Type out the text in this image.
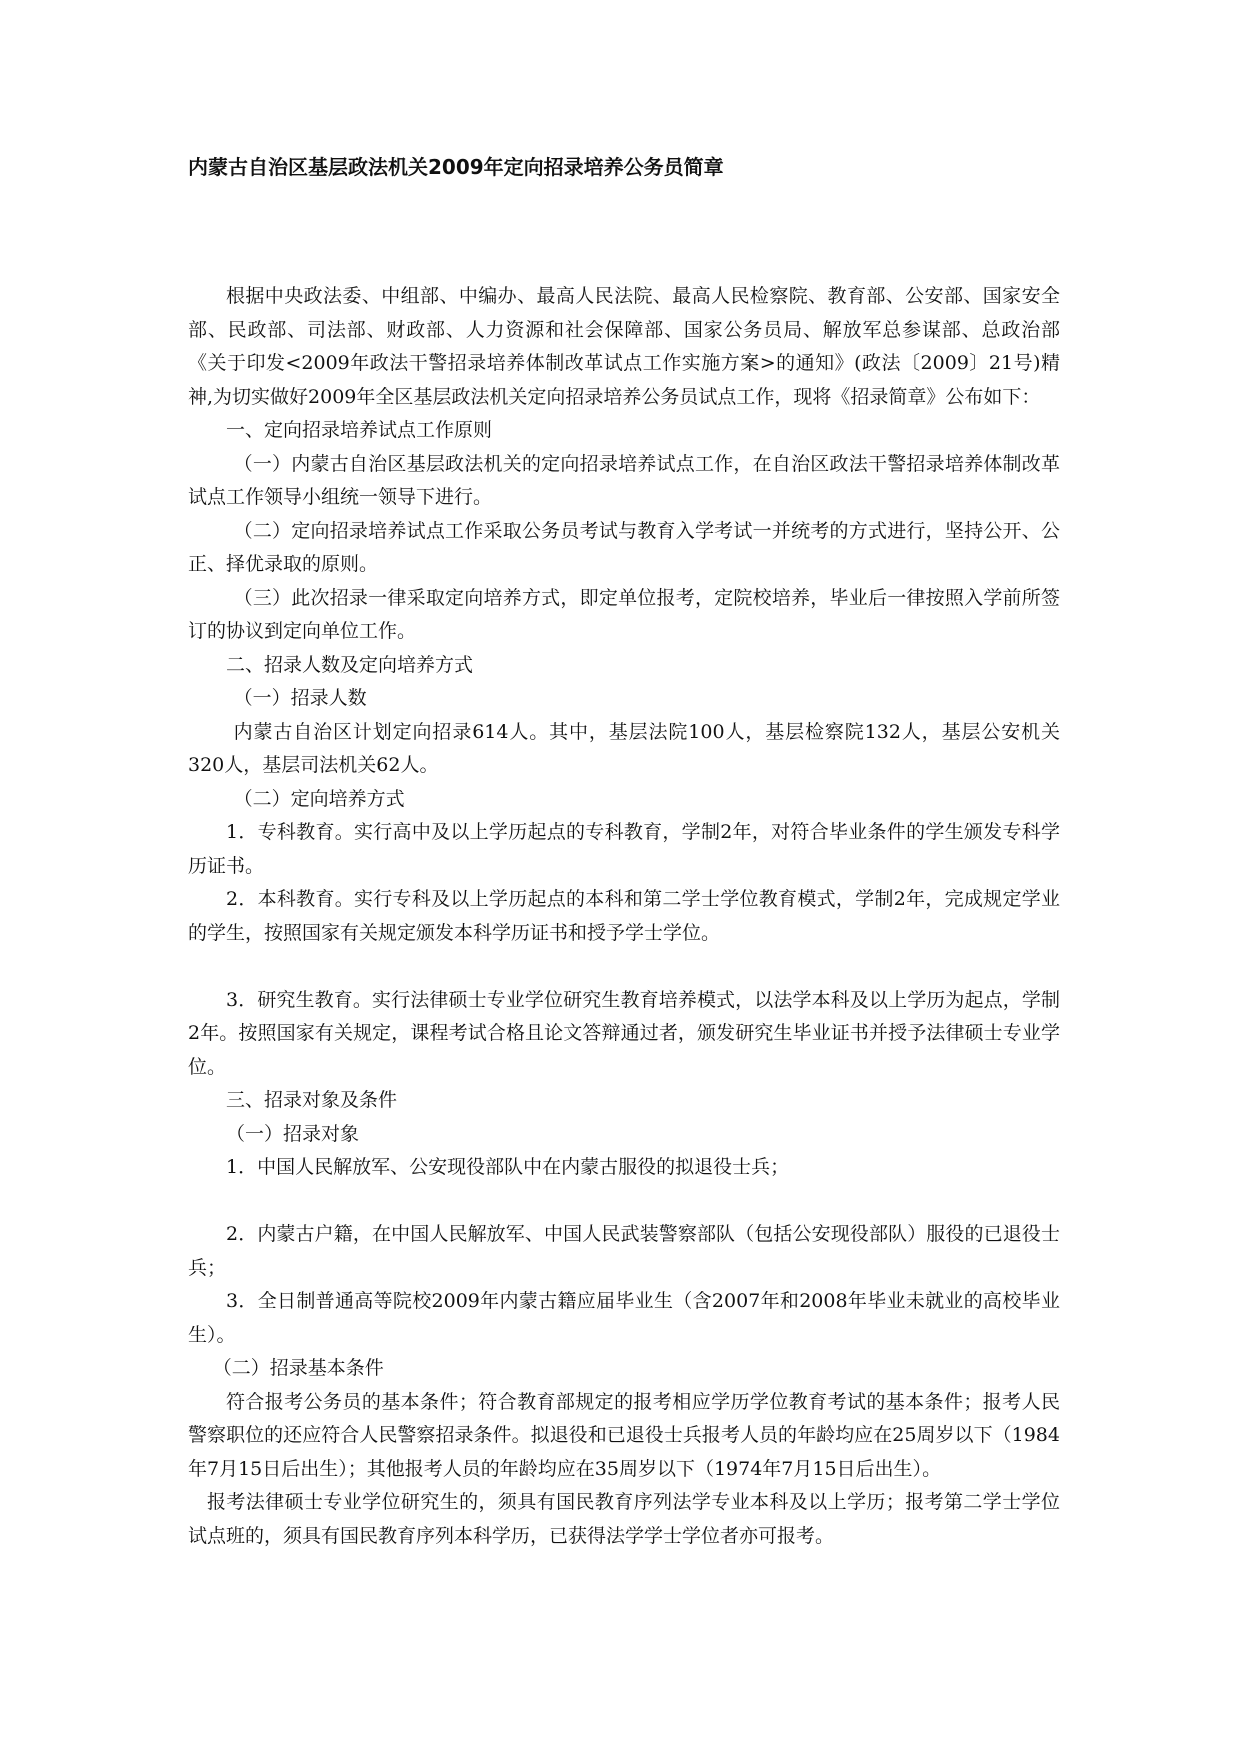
内蒙古自治区基层政法机关2009年定向招录培养公务员简章

根据中央政法委、中组部、中编办、最高人民法院、最高人民检察院、教育部、公安部、国家安全部、民政部、司法部、财政部、人力资源和社会保障部、国家公务员局、解放军总参谋部、总政治部《关于印发<2009年政法干警招录培养体制改革试点工作实施方案>的通知》(政法〔2009〕21号)精神,为切实做好2009年全区基层政法机关定向招录培养公务员试点工作，现将《招录简章》公布如下：

一、定向招录培养试点工作原则

（一）内蒙古自治区基层政法机关的定向招录培养试点工作，在自治区政法干警招录培养体制改革试点工作领导小组统一领导下进行。

（二）定向招录培养试点工作采取公务员考试与教育入学考试一并统考的方式进行，坚持公开、公正、择优录取的原则。

（三）此次招录一律采取定向培养方式，即定单位报考，定院校培养，毕业后一律按照入学前所签订的协议到定向单位工作。

二、招录人数及定向培养方式

（一）招录人数

内蒙古自治区计划定向招录614人。其中，基层法院100人，基层检察院132人，基层公安机关320人，基层司法机关62人。

（二）定向培养方式

1．专科教育。实行高中及以上学历起点的专科教育，学制2年，对符合毕业条件的学生颁发专科学历证书。

2．本科教育。实行专科及以上学历起点的本科和第二学士学位教育模式，学制2年，完成规定学业的学生，按照国家有关规定颁发本科学历证书和授予学士学位。

3．研究生教育。实行法律硕士专业学位研究生教育培养模式，以法学本科及以上学历为起点，学制2年。按照国家有关规定，课程考试合格且论文答辩通过者，颁发研究生毕业证书并授予法律硕士专业学位。

三、招录对象及条件

（一）招录对象

1．中国人民解放军、公安现役部队中在内蒙古服役的拟退役士兵；

2．内蒙古户籍，在中国人民解放军、中国人民武装警察部队（包括公安现役部队）服役的已退役士兵；

3．全日制普通高等院校2009年内蒙古籍应届毕业生（含2007年和2008年毕业未就业的高校毕业生）。

（二）招录基本条件

符合报考公务员的基本条件；符合教育部规定的报考相应学历学位教育考试的基本条件；报考人民警察职位的还应符合人民警察招录条件。拟退役和已退役士兵报考人员的年龄均应在25周岁以下（1984年7月15日后出生）；其他报考人员的年龄均应在35周岁以下（1974年7月15日后出生）。

报考法律硕士专业学位研究生的，须具有国民教育序列法学专业本科及以上学历；报考第二学士学位试点班的，须具有国民教育序列本科学历，已获得法学学士学位者亦可报考。
